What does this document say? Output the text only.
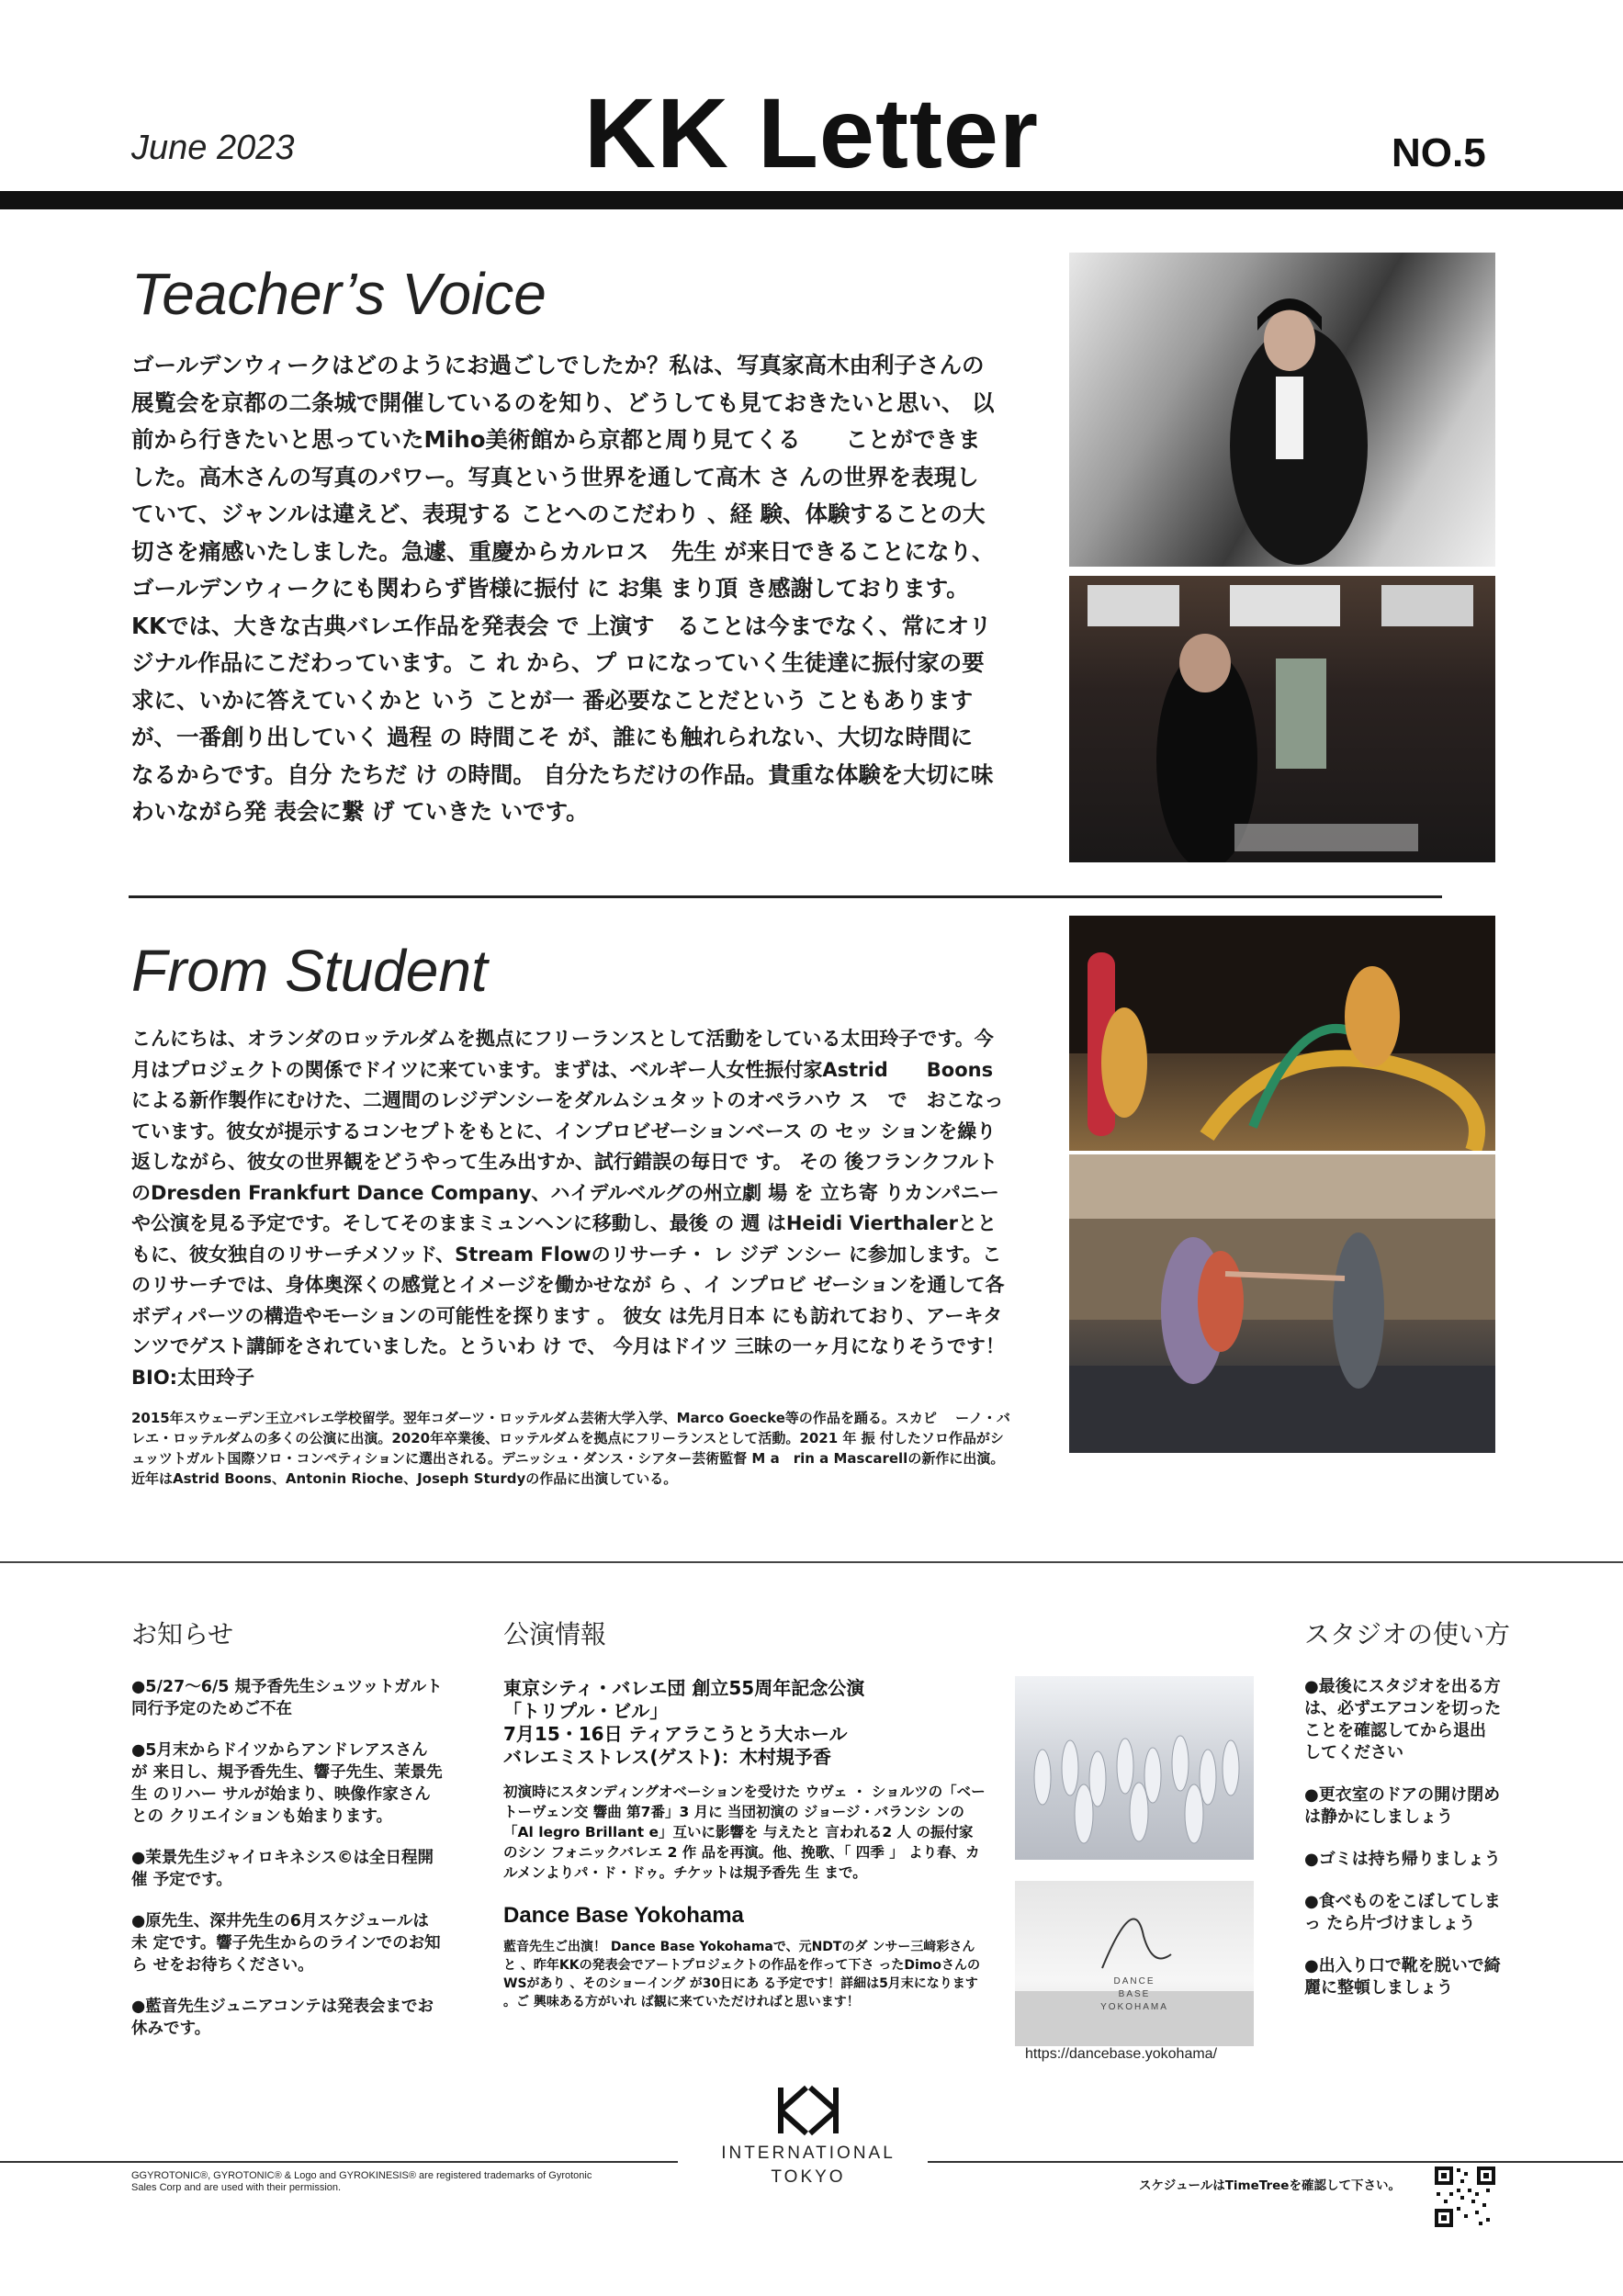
June 2023	KK Letter	NO.5
Teacher’s Voice
ゴールデンウィークはどのようにお過ごしでしたか？私は、写真家高木由利子さんの展覧会を京都の二条城で開催しているのを知り、どうしても見ておきたいと思い、 以前から行きたいと思っていたMiho美術館から京都と周り見てくる　　ことができました。高木さんの写真のパワー。写真という世界を通して高木 さ んの世界を表現していて、ジャンルは違えど、表現する ことへのこだわり 、経 験、体験することの大切さを痛感いたしました。急遽、重慶からカルロス　先生 が来日できることになり、ゴールデンウィークにも関わらず皆様に振付 に お集 まり頂 き感謝しております。KKでは、大きな古典バレエ作品を発表会 で 上演す　ることは今までなく、常にオリジナル作品にこだわっています。こ れ から、プ ロになっていく生徒達に振付家の要求に、いかに答えていくかと いう ことが一 番必要なことだという こともありますが、一番創り出していく 過程 の 時間こそ が、誰にも触れられない、大切な時間になるからです。自分 たちだ け の時間。 自分たちだけの作品。貴重な体験を大切に味わいながら発 表会に繋 げ ていきた いです。
From Student
こんにちは、オランダのロッテルダムを拠点にフリーランスとして活動をしている太田玲子です。今月はプロジェクトの関係でドイツに来ています。まずは、ベルギー人女性振付家Astrid　　Boonsによる新作製作にむけた、二週間のレジデンシーをダルムシュタットのオペラハウ ス　で　おこなっています。彼女が提示するコンセプトをもとに、インプロビゼーションベース の セッ ションを繰り返しながら、彼女の世界観をどうやって生み出すか、試行錯誤の毎日で す。 その 後フランクフルトのDresden Frankfurt Dance Company、ハイデルベルグの州立劇 場 を 立ち寄 りカンパニーや公演を見る予定です。そしてそのままミュンヘンに移動し、最後 の 週 はHeidi Vierthalerとともに、彼女独自のリサーチメソッド、Stream Flowのリサーチ・ レ ジデ ンシー に参加します。このリサーチでは、身体奥深くの感覚とイメージを働かせなが ら 、イ ンプロビ ゼーションを通して各ボディパーツの構造やモーションの可能性を探ります 。 彼女 は先月日本 にも訪れており、アーキタンツでゲスト講師をされていました。とういわ け で、 今月はドイツ 三昧の一ヶ月になりそうです！BIO:太田玲子
2015年スウェーデン王立バレエ学校留学。翌年コダーツ・ロッテルダム芸術大学入学、Marco Goecke等の作品を踊る。スカピ　 ーノ・バレエ・ロッテルダムの多くの公演に出演。2020年卒業後、ロッテルダムを拠点にフリーランスとして活動。2021 年 振 付したソロ作品がシュッツトガルト国際ソロ・コンペティションに選出される。デニッシュ・ダンス・シアター芸術監督 M a　rin a Mascarellの新作に出演。近年はAstrid Boons、Antonin Rioche、Joseph Sturdyの作品に出演している。
お知らせ
●5/27〜6/5 規予香先生シュツットガルト 同行予定のためご不在
●5月末からドイツからアンドレアスさんが 来日し、規予香先生、響子先生、茉景先生 のリハー サルが始まり、映像作家さんとの クリエイションも始まります。
●茉景先生ジャイロキネシス©は全日程開催 予定です。
●原先生、深井先生の6月スケジュールは未 定です。響子先生からのラインでのお知ら せをお待ちください。
●藍音先生ジュニアコンテは発表会までお 休みです。
公演情報
東京シティ・バレエ団 創立55周年記念公演
「トリプル・ビル」
7月15・16日 ティアラこうとう大ホール
バレエミストレス(ゲスト)：木村規予香
初演時にスタンディングオベーションを受けた ウヴェ ・ ショルツの「ベートーヴェン交 響曲 第7番」3 月に 当団初演の ジョージ・バランシ ンの 「Al legro Brillant e」互いに影響を 与えたと 言われる2 人 の振付家 のシン フォニックバレエ 2 作 品を再演。他、挽歌、「 四季 」 より春、カ ルメンよりパ・ド・ドゥ。チケットは規予香先 生 まで。
Dance Base Yokohama
藍音先生ご出演！ Dance Base Yokohamaで、元NDTのダ ンサー三﨑彩さんと 、昨年KKの発表会でアートプロジェクトの作品を作って下さ ったDimoさんのWSがあり 、そのショーイング が30日にあ る予定です！詳細は5月末になります 。ご 興味ある方がいれ ば観に来ていただければと思います！
DANCE
BASE
YOKOHAMA
https://dancebase.yokohama/
スタジオの使い方
●最後にスタジオを出る方 は、必ずエアコンを切った ことを確認してから退出 してください
●更衣室のドアの開け閉め は静かにしましょう
●ゴミは持ち帰りましょう
●食べものをこぼしてしまっ たら片づけましょう
●出入り口で靴を脱いで綺 麗に整頓しましょう
INTERNATIONAL
TOKYO
GGYROTONIC®, GYROTONIC® & Logo and GYROKINESIS® are registered trademarks of Gyrotonic Sales Corp and are used with their permission.	スケジュールはTimeTreeを確認して下さい。
